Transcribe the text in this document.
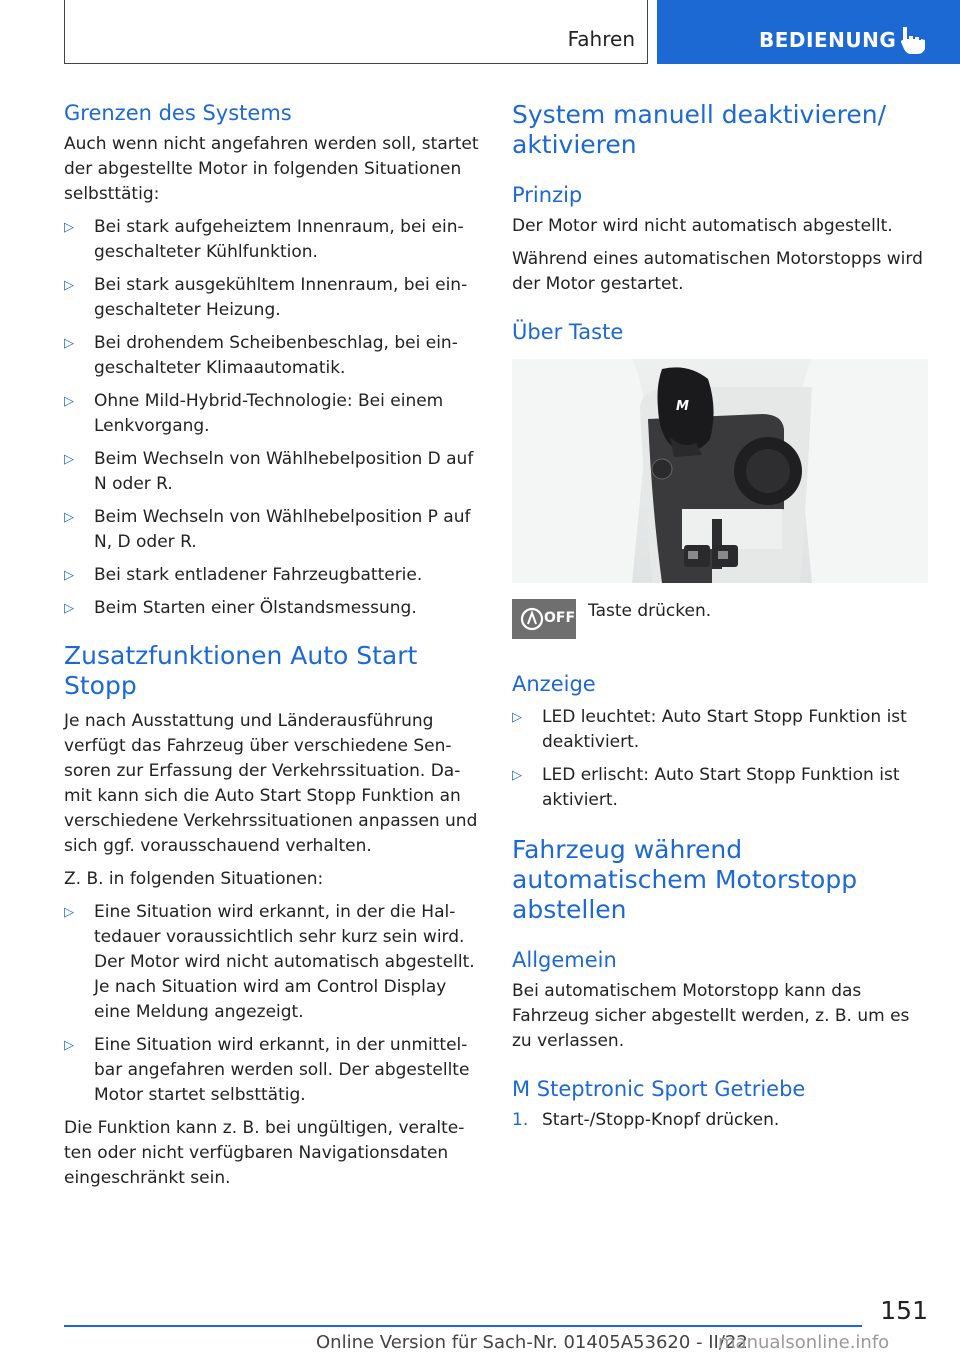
Fahren	BEDIENUNG
Grenzen des Systems

Auch wenn nicht angefahren werden soll, startet der abgestellte Motor in folgenden Situationen selbsttätig:

▷ Bei stark aufgeheiztem Innenraum, bei eingeschalteter Kühlfunktion.
▷ Bei stark ausgekühltem Innenraum, bei eingeschalteter Heizung.
▷ Bei drohendem Scheibenbeschlag, bei eingeschalteter Klimaautomatik.
▷ Ohne Mild-Hybrid-Technologie: Bei einem Lenkvorgang.
▷ Beim Wechseln von Wählhebelposition D auf N oder R.
▷ Beim Wechseln von Wählhebelposition P auf N, D oder R.
▷ Bei stark entladener Fahrzeugbatterie.
▷ Beim Starten einer Ölstandsmessung.
Zusatzfunktionen Auto Start Stopp

Je nach Ausstattung und Länderausführung verfügt das Fahrzeug über verschiedene Sensoren zur Erfassung der Verkehrssituation. Damit kann sich die Auto Start Stopp Funktion an verschiedene Verkehrssituationen anpassen und sich ggf. vorausschauend verhalten.

Z. B. in folgenden Situationen:

▷ Eine Situation wird erkannt, in der die Haltedauer voraussichtlich sehr kurz sein wird. Der Motor wird nicht automatisch abgestellt. Je nach Situation wird am Control Display eine Meldung angezeigt.
▷ Eine Situation wird erkannt, in der unmittelbar angefahren werden soll. Der abgestellte Motor startet selbsttätig.

Die Funktion kann z. B. bei ungültigen, veralteten oder nicht verfügbaren Navigationsdaten eingeschränkt sein.

System manuell deaktivieren/ aktivieren
Prinzip

Der Motor wird nicht automatisch abgestellt.

Während eines automatischen Motorstopps wird der Motor gestartet.

Über Taste
M
OFF Taste drücken.

Anzeige
▷ LED leuchtet: Auto Start Stopp Funktion ist deaktiviert.
▷ LED erlischt: Auto Start Stopp Funktion ist aktiviert.
Fahrzeug während automatischem Motorstopp abstellen
Allgemein

Bei automatischem Motorstopp kann das Fahrzeug sicher abgestellt werden, z. B. um es zu verlassen.

M Steptronic Sport Getriebe
1. Start-/Stopp-Knopf drücken.
151
Online Version für Sach-Nr. 01405A53620 - II/22
manualsonline.info
